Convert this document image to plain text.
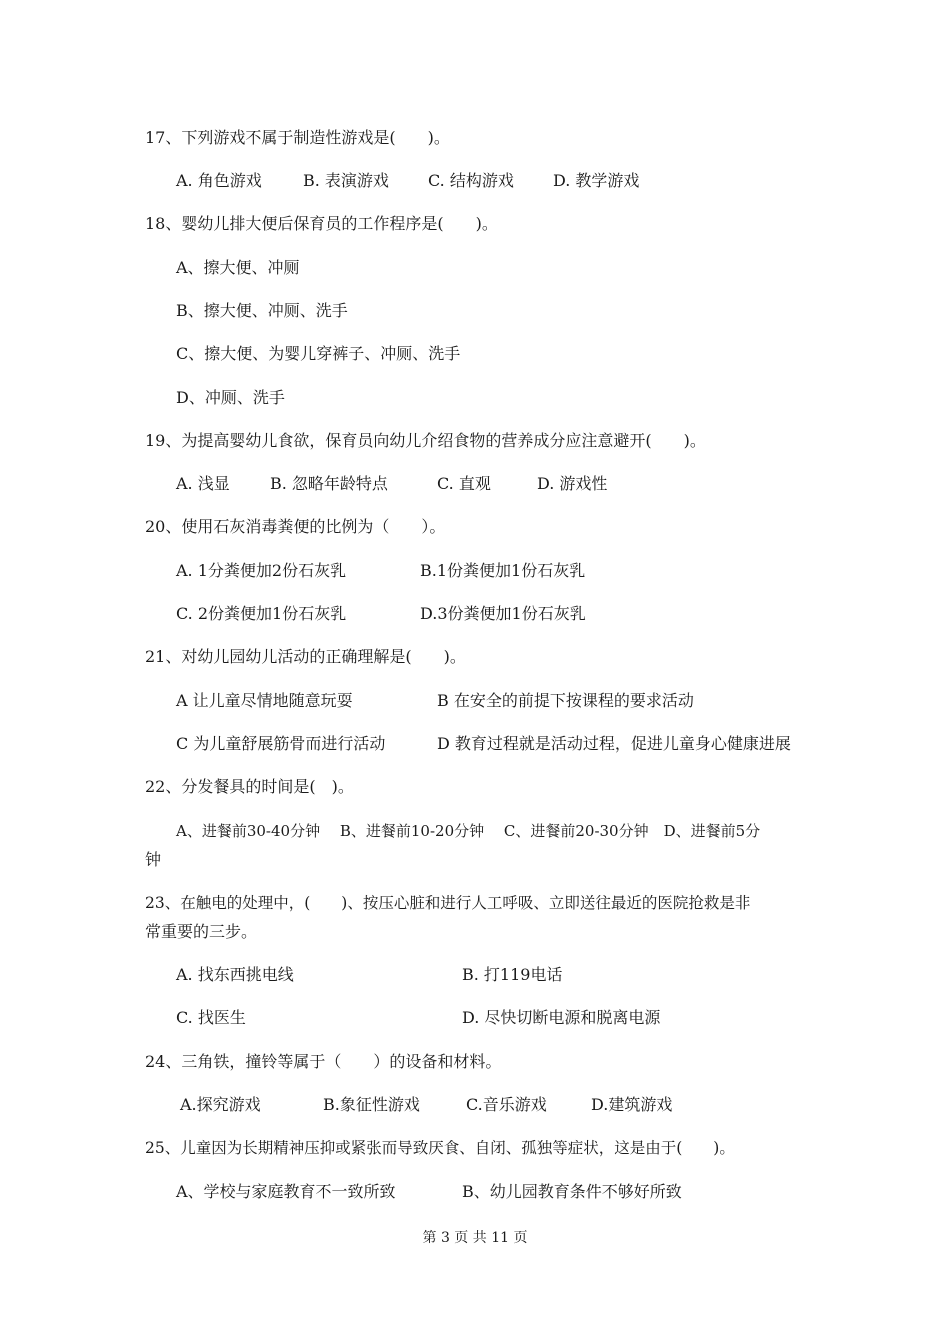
17、下列游戏不属于制造性游戏是(　　)。
A. 角色游戏	B. 表演游戏 C. 结构游戏 D. 教学游戏
18、婴幼儿排大便后保育员的工作程序是(　　)。
A、擦大便、冲厕
B、擦大便、冲厕、洗手
C、擦大便、为婴儿穿裤子、冲厕、洗手
D、冲厕、洗手
19、为提高婴幼儿食欲，保育员向幼儿介绍食物的营养成分应注意避开(　　)。
A. 浅显	B. 忽略年龄特点	C. 直观	D. 游戏性
20、使用石灰消毒粪便的比例为（　　）。
A. 1分粪便加2份石灰乳	B.1份粪便加1份石灰乳
C. 2份粪便加1份石灰乳	D.3份粪便加1份石灰乳
21、对幼儿园幼儿活动的正确理解是(　　)。
A 让儿童尽情地随意玩耍	B 在安全的前提下按课程的要求活动
C 为儿童舒展筋骨而进行活动	D 教育过程就是活动过程，促进儿童身心健康进展
22、分发餐具的时间是(　)。
A、进餐前30-40分钟　 B、进餐前10-20分钟　 C、进餐前20-30分钟　D、进餐前5分
钟
23、在触电的处理中，(　　)、按压心脏和进行人工呼吸、立即送往最近的医院抢救是非
常重要的三步。
A. 找东西挑电线	B. 打119电话
C. 找医生	D. 尽快切断电源和脱离电源
24、三角铁，撞铃等属于（　　）的设备和材料。
A.探究游戏	B.象征性游戏	C.音乐游戏	D.建筑游戏
25、儿童因为长期精神压抑或紧张而导致厌食、自闭、孤独等症状，这是由于(　　)。
A、学校与家庭教育不一致所致	B、幼儿园教育条件不够好所致
第 3 页 共 11 页
